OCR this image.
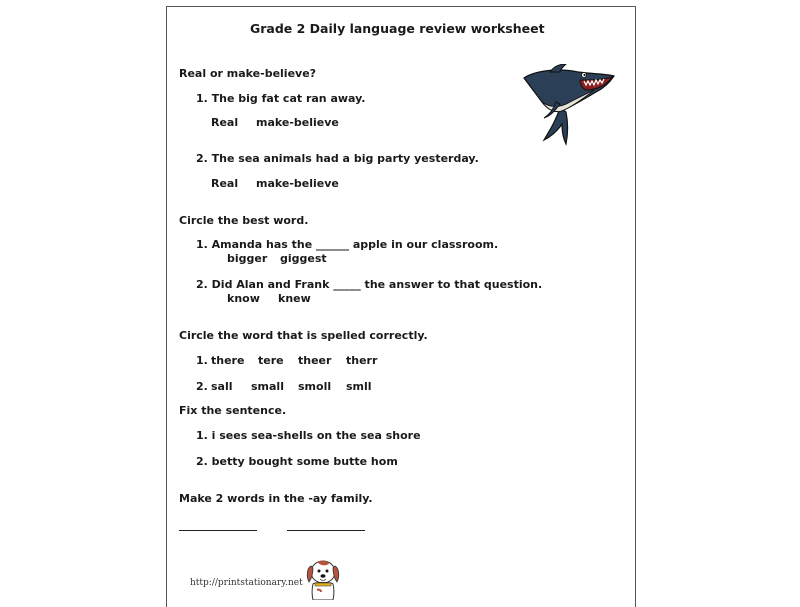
Grade 2 Daily language review worksheet
Real or make-believe?
1. The big fat cat ran away.
Real make-believe
2. The sea animals had a big party yesterday.
Real make-believe
Circle the best word.
1. Amanda has the ______ apple in our classroom.
bigger giggest
2. Did Alan and Frank _____ the answer to that question.
know knew
Circle the word that is spelled correctly.
1. there tere theer therr
2. sall small smoll smll
Fix the sentence.
1. i sees sea-shells on the sea shore
2. betty bought some butte hom
Make 2 words in the -ay family.
http://printstationary.net
